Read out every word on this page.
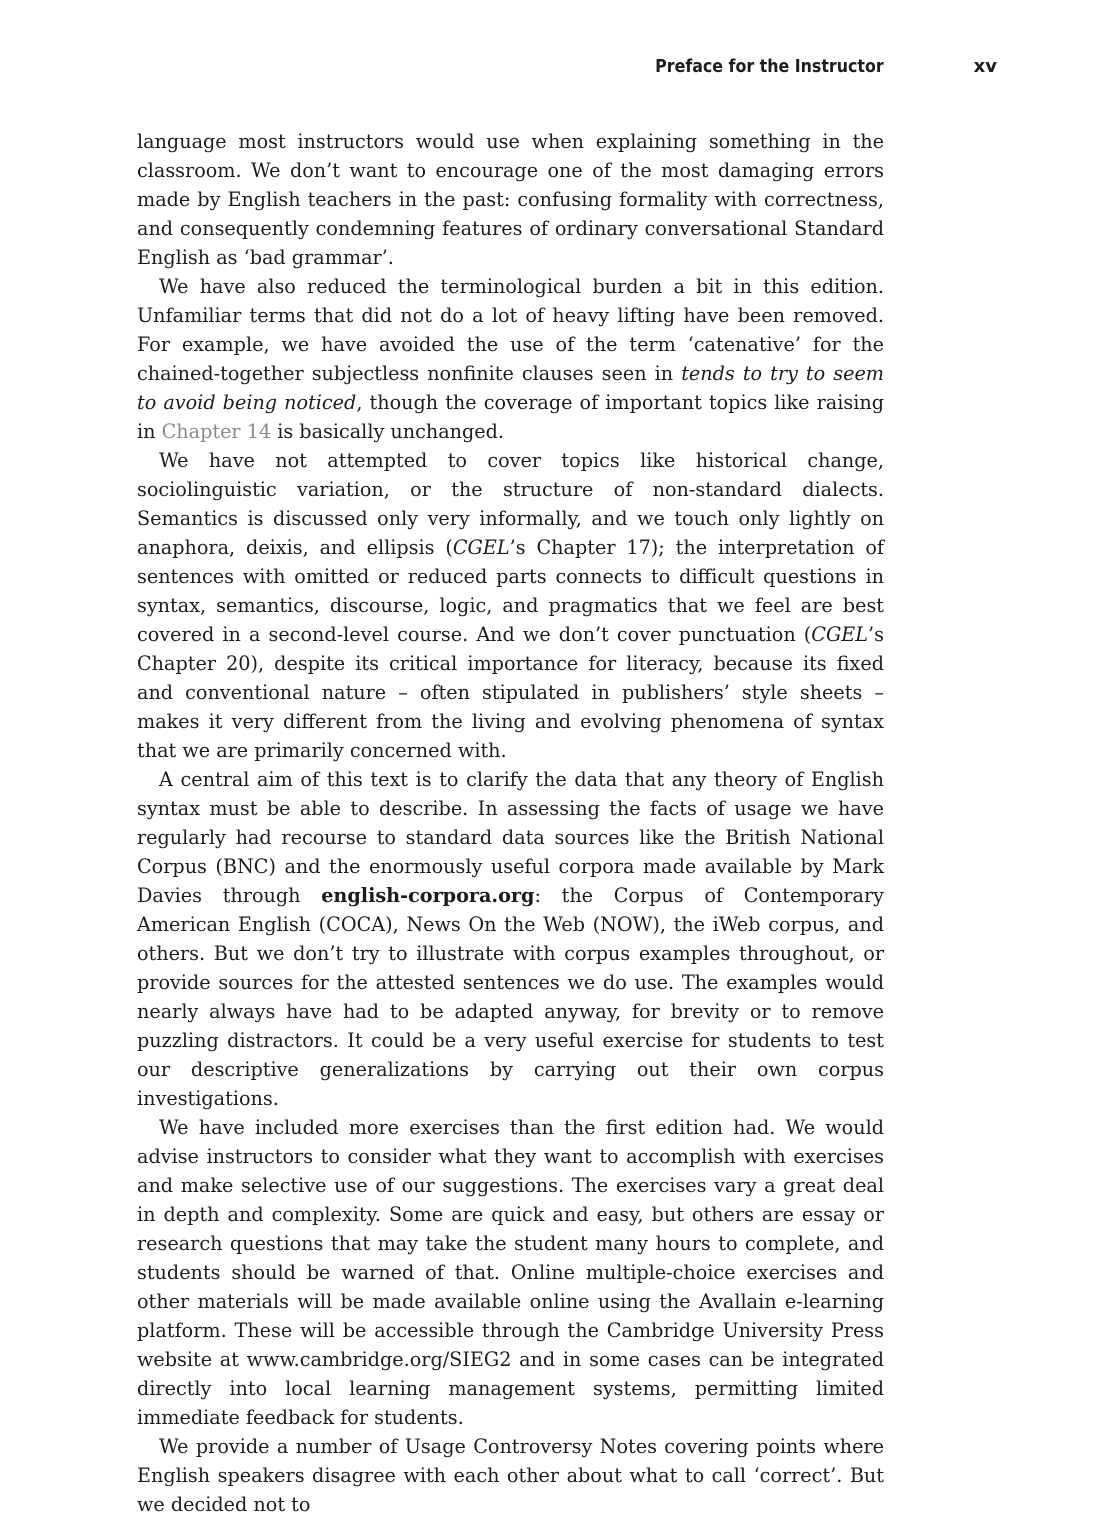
Preface for the Instructor	xv

language most instructors would use when explaining something in the classroom. We don’t want to encourage one of the most damaging errors made by English teachers in the past: confusing formality with correctness, and consequently condemning features of ordinary conversational Standard English as ‘bad grammar’.

We have also reduced the terminological burden a bit in this edition. Unfamiliar terms that did not do a lot of heavy lifting have been removed. For example, we have avoided the use of the term ‘catenative’ for the chained-together subjectless nonfinite clauses seen in tends to try to seem to avoid being noticed, though the coverage of important topics like raising in Chapter 14 is basically unchanged.

We have not attempted to cover topics like historical change, sociolinguistic variation, or the structure of non-standard dialects. Semantics is discussed only very informally, and we touch only lightly on anaphora, deixis, and ellipsis (CGEL’s Chapter 17); the interpretation of sentences with omitted or reduced parts connects to difficult questions in syntax, semantics, discourse, logic, and pragmatics that we feel are best covered in a second-level course. And we don’t cover punctuation (CGEL’s Chapter 20), despite its critical importance for literacy, because its fixed and conventional nature – often stipulated in publishers’ style sheets – makes it very different from the living and evolving phenomena of syntax that we are primarily concerned with.

A central aim of this text is to clarify the data that any theory of English syntax must be able to describe. In assessing the facts of usage we have regularly had recourse to standard data sources like the British National Corpus (BNC) and the enormously useful corpora made available by Mark Davies through english-​corpora.org: the Corpus of Contemporary American English (COCA), News On the Web (NOW), the iWeb corpus, and others. But we don’t try to illustrate with corpus examples throughout, or provide sources for the attested sentences we do use. The examples would nearly always have had to be adapted anyway, for brevity or to remove puzzling distractors. It could be a very useful exercise for students to test our descriptive generalizations by carrying out their own corpus investigations.

We have included more exercises than the first edition had. We would advise instructors to consider what they want to accomplish with exercises and make selective use of our suggestions. The exercises vary a great deal in depth and complexity. Some are quick and easy, but others are essay or research questions that may take the student many hours to complete, and students should be warned of that. Online multiple-choice exercises and other materials will be made available online using the Avallain e-learning platform. These will be accessible through the Cambridge University Press website at www.cambridge.org/SIEG2 and in some cases can be integrated directly into local learning management systems, permitting limited immediate feedback for students.

We provide a number of Usage Controversy Notes covering points where English speakers disagree with each other about what to call ‘correct’. But we decided not to
